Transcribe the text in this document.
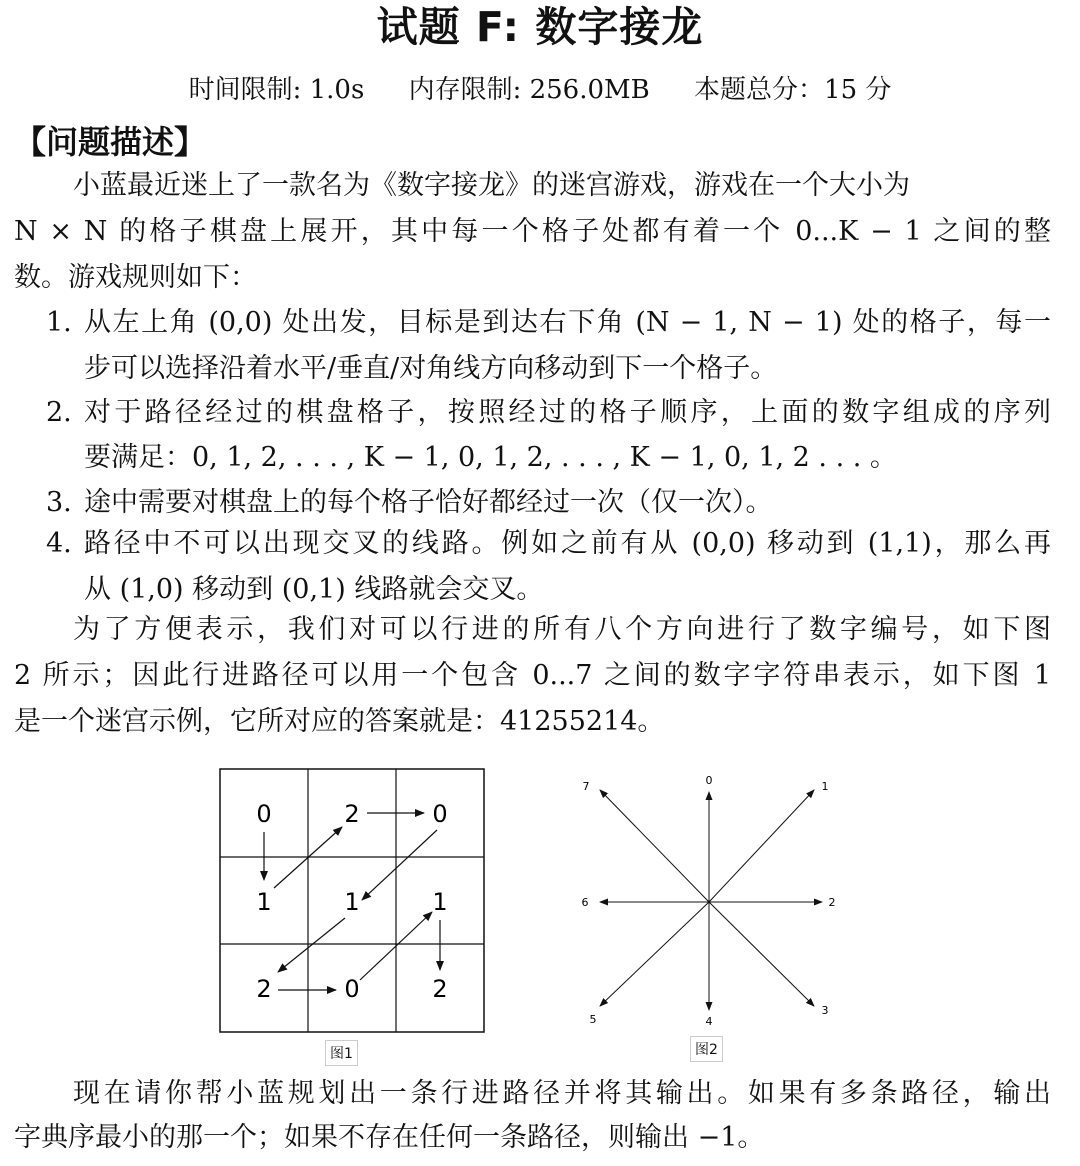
试题 F: 数字接龙
时间限制: 1.0s 内存限制: 256.0MB 本题总分：15 分
【问题描述】
小蓝最近迷上了一款名为《数字接龙》的迷宫游戏，游戏在一个大小为
N × N 的格子棋盘上展开，其中每一个格子处都有着一个 0...K − 1 之间的整
数。游戏规则如下：
1. 从左上角 (0,0) 处出发，目标是到达右下角 (N − 1, N − 1) 处的格子，每一
步可以选择沿着水平/垂直/对角线方向移动到下一个格子。
2. 对于路径经过的棋盘格子，按照经过的格子顺序，上面的数字组成的序列
要满足：0, 1, 2, . . . , K − 1, 0, 1, 2, . . . , K − 1, 0, 1, 2 . . . 。
3. 途中需要对棋盘上的每个格子恰好都经过一次（仅一次）。
4. 路径中不可以出现交叉的线路。例如之前有从 (0,0) 移动到 (1,1)，那么再
从 (1,0) 移动到 (0,1) 线路就会交叉。
为了方便表示，我们对可以行进的所有八个方向进行了数字编号，如下图
2 所示；因此行进路径可以用一个包含 0...7 之间的数字字符串表示，如下图 1
是一个迷宫示例，它所对应的答案就是：41255214。
0	2	0
1	1	1
2	0	2
图1
0	1
2
3
4
5
6
7
图2
现在请你帮小蓝规划出一条行进路径并将其输出。如果有多条路径，输出
字典序最小的那一个；如果不存在任何一条路径，则输出 −1。
